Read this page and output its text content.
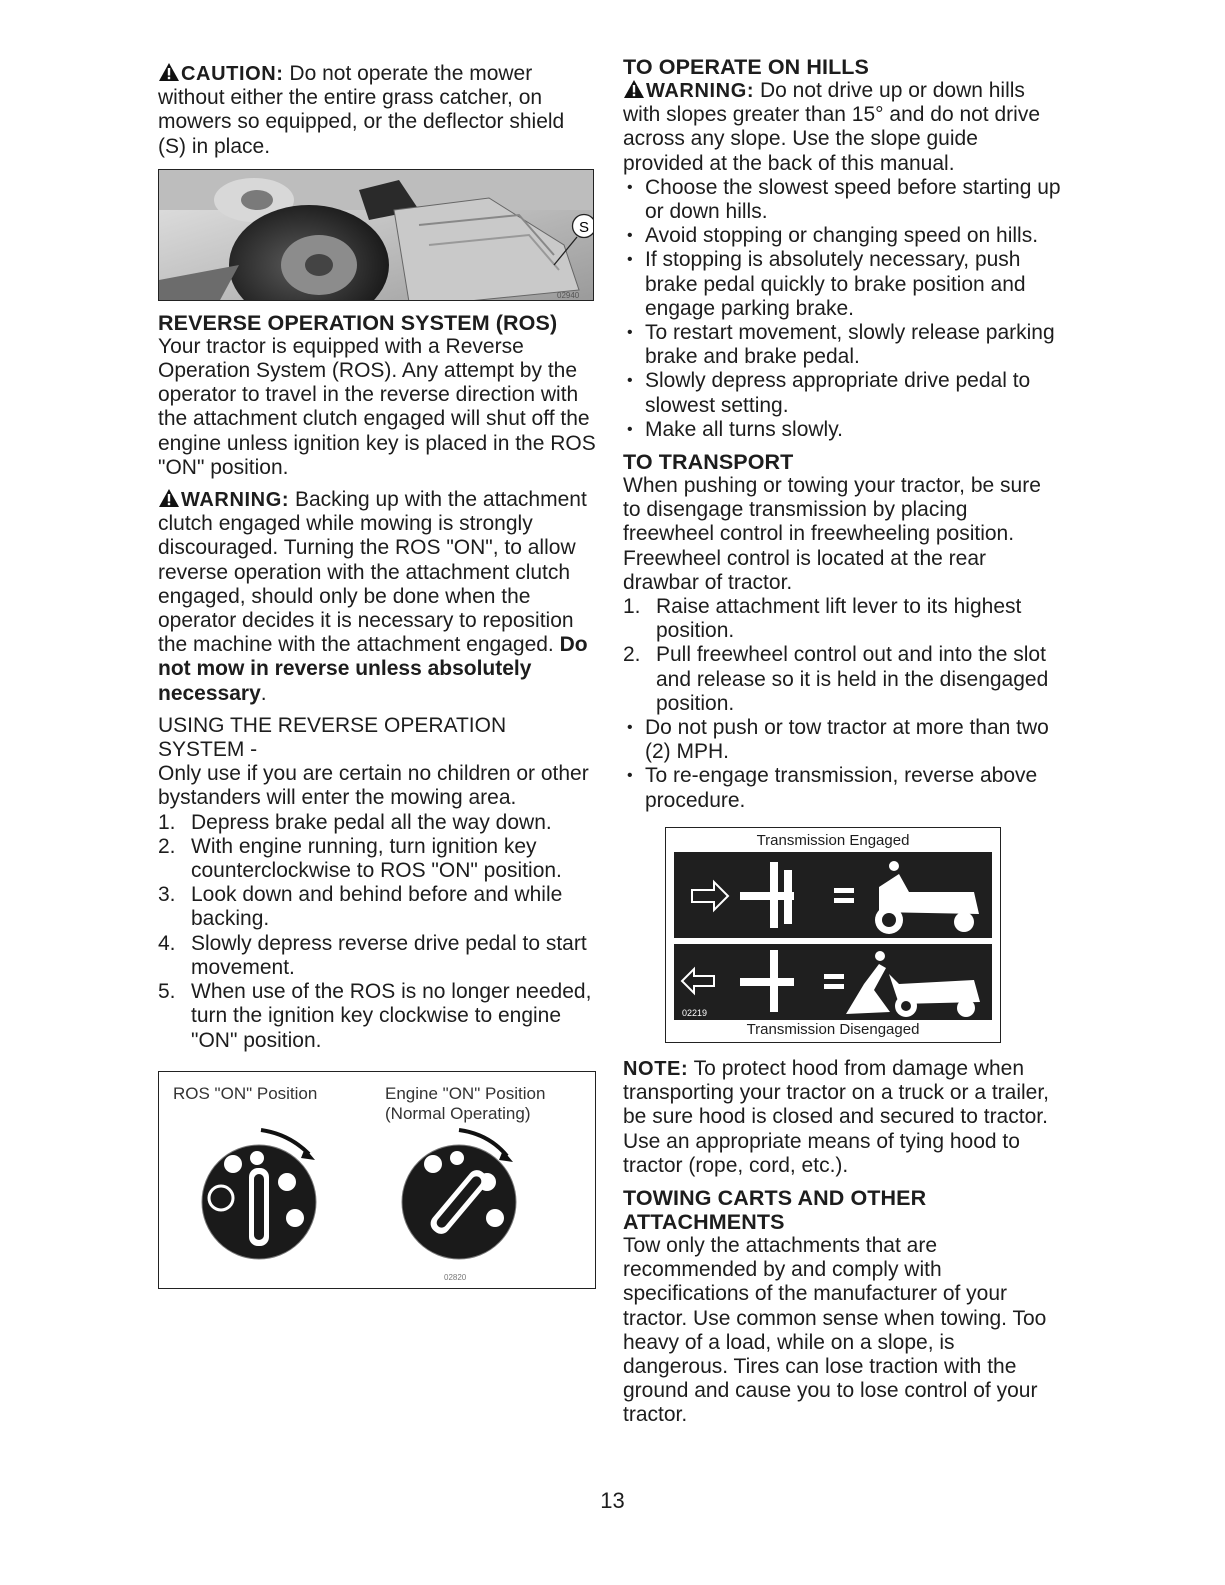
CAUTION: Do not operate the mower without either the entire grass catcher, on mowers so equipped, or the deflector shield (S) in place.

S
02940
REVERSE OPERATION SYSTEM (ROS)

Your tractor is equipped with a Reverse Operation System (ROS). Any attempt by the operator to travel in the reverse direction with the attachment clutch engaged will shut off the engine unless ignition key is placed in the ROS "ON" position.

WARNING: Backing up with the attachment clutch engaged while mowing is strongly discouraged. Turning the ROS "ON", to allow reverse operation with the attachment clutch engaged, should only be done when the operator decides it is necessary to reposition the machine with the attachment engaged. Do not mow in reverse unless absolutely necessary.

USING THE REVERSE OPERATION SYSTEM -

Only use if you are certain no children or other bystanders will enter the mowing area.

1. Depress brake pedal all the way down.
2. With engine running, turn ignition key counterclockwise to ROS "ON" position.
3. Look down and behind before and while backing.
4. Slowly depress reverse drive pedal to start movement.
5. When use of the ROS is no longer needed, turn the ignition key clockwise to engine "ON" position.
ROS "ON" Position	Engine "ON" Position
(Normal Operating)
02820
TO OPERATE ON HILLS

WARNING: Do not drive up or down hills with slopes greater than 15° and do not drive across any slope. Use the slope guide provided at the back of this manual.

• Choose the slowest speed before starting up or down hills.
• Avoid stopping or changing speed on hills.
• If stopping is absolutely necessary, push brake pedal quickly to brake position and engage parking brake.
• To restart movement, slowly release parking brake and brake pedal.
• Slowly depress appropriate drive pedal to slowest setting.
• Make all turns slowly.
TO TRANSPORT

When pushing or towing your tractor, be sure to disengage transmission by placing freewheel control in freewheeling position. Freewheel control is located at the rear drawbar of tractor.

1. Raise attachment lift lever to its highest position.
2. Pull freewheel control out and into the slot and release so it is held in the disengaged position.
• Do not push or tow tractor at more than two (2) MPH.
• To re-engage transmission, reverse above procedure.
Transmission Engaged
02219
Transmission Disengaged

NOTE: To protect hood from damage when transporting your tractor on a truck or a trailer, be sure hood is closed and secured to tractor. Use an appropriate means of tying hood to tractor (rope, cord, etc.).

TOWING CARTS AND OTHER ATTACHMENTS

Tow only the attachments that are recommended by and comply with specifications of the manufacturer of your tractor. Use common sense when towing. Too heavy of a load, while on a slope, is dangerous. Tires can lose traction with the ground and cause you to lose control of your tractor.

13
